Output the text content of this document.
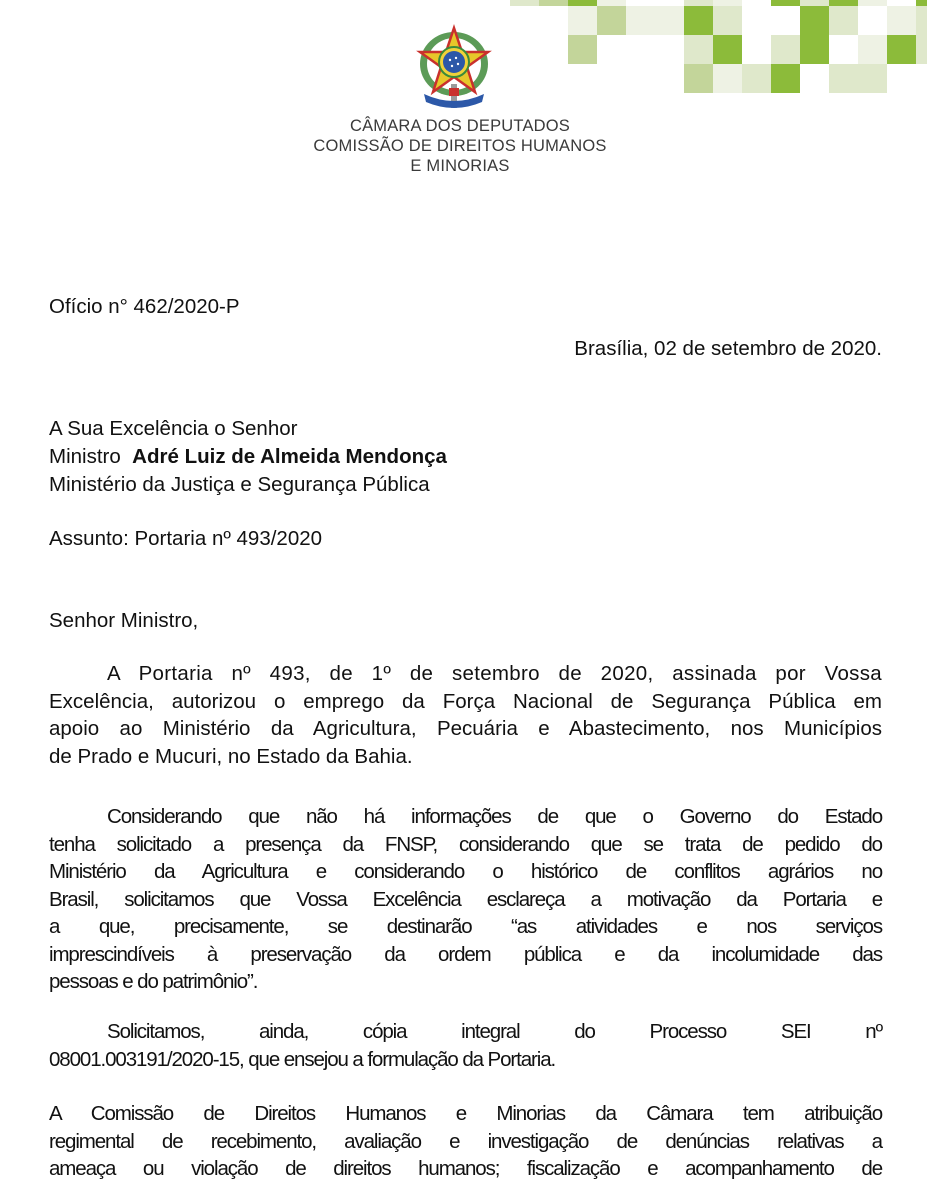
CÂMARA DOS DEPUTADOS
COMISSÃO DE DIREITOS HUMANOS
E MINORIAS
Ofício n° 462/2020-P
Brasília, 02 de setembro de 2020.
A Sua Excelência o Senhor
Ministro Adré Luiz de Almeida Mendonça
Ministério da Justiça e Segurança Pública
Assunto: Portaria nº 493/2020
Senhor Ministro,
A Portaria nº 493, de 1º de setembro de 2020, assinada por Vossa
Excelência, autorizou o emprego da Força Nacional de Segurança Pública em
apoio ao Ministério da Agricultura, Pecuária e Abastecimento, nos Municípios
de Prado e Mucuri, no Estado da Bahia.
Considerando que não há informações de que o Governo do Estado
tenha solicitado a presença da FNSP, considerando que se trata de pedido do
Ministério da Agricultura e considerando o histórico de conflitos agrários no
Brasil, solicitamos que Vossa Excelência esclareça a motivação da Portaria e
a que, precisamente, se destinarão “as atividades e nos serviços
imprescindíveis à preservação da ordem pública e da incolumidade das
pessoas e do patrimônio”.
Solicitamos, ainda, cópia integral do Processo SEI nº
08001.003191/2020-15, que ensejou a formulação da Portaria.
A Comissão de Direitos Humanos e Minorias da Câmara tem atribuição
regimental de recebimento, avaliação e investigação de denúncias relativas a
ameaça ou violação de direitos humanos; fiscalização e acompanhamento de
